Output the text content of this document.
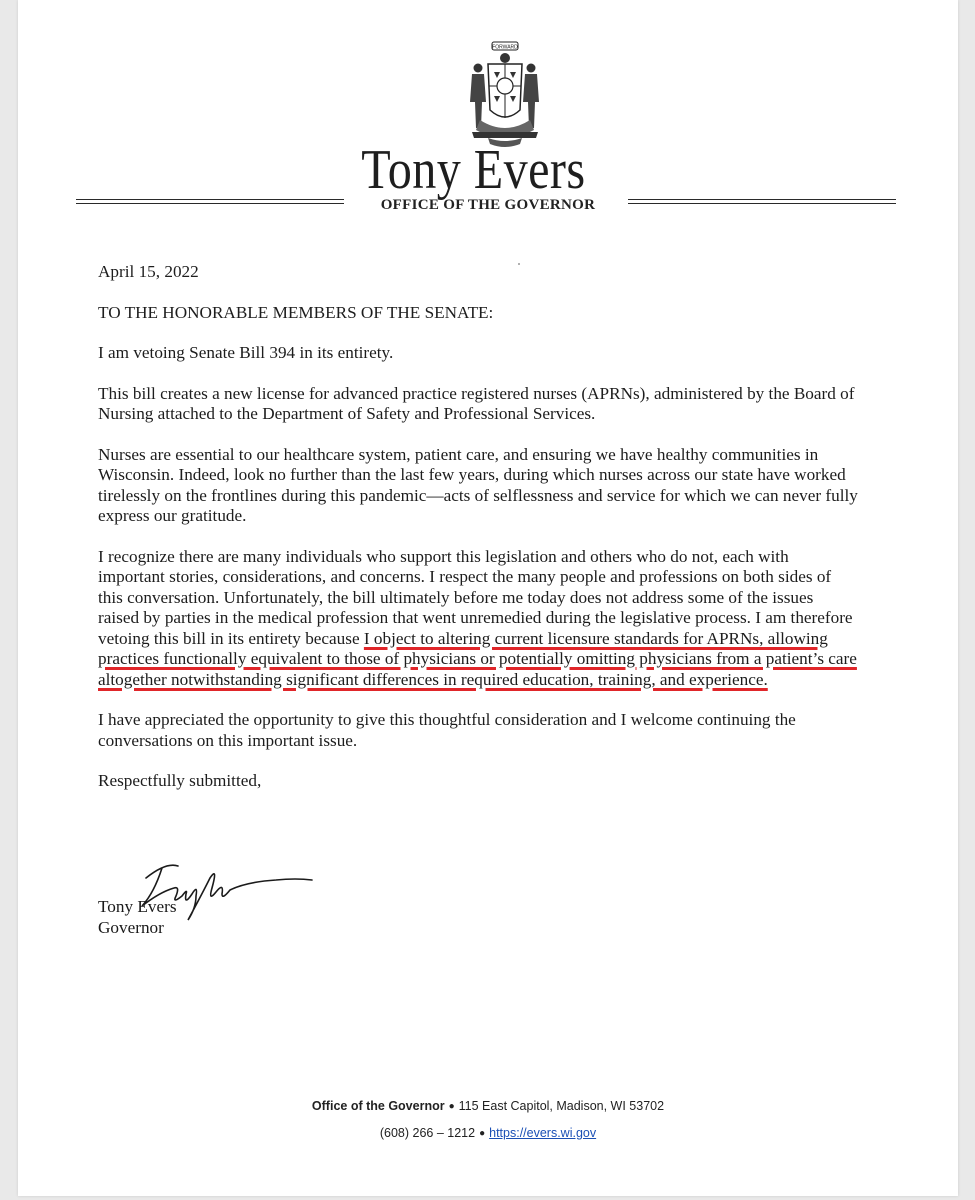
FORWARD
Tony Evers
OFFICE OF THE GOVERNOR

April 15, 2022

TO THE HONORABLE MEMBERS OF THE SENATE:

I am vetoing Senate Bill 394 in its entirety.

This bill creates a new license for advanced practice registered nurses (APRNs), administered by the Board of Nursing attached to the Department of Safety and Professional Services.

Nurses are essential to our healthcare system, patient care, and ensuring we have healthy communities in Wisconsin. Indeed, look no further than the last few years, during which nurses across our state have worked tirelessly on the frontlines during this pandemic—acts of selflessness and service for which we can never fully express our gratitude.

I recognize there are many individuals who support this legislation and others who do not, each with important stories, considerations, and concerns. I respect the many people and professions on both sides of this conversation. Unfortunately, the bill ultimately before me today does not address some of the issues raised by parties in the medical profession that went unremedied during the legislative process. I am therefore vetoing this bill in its entirety because I object to altering current licensure standards for APRNs, allowing practices functionally equivalent to those of physicians or potentially omitting physicians from a patient’s care altogether notwithstanding significant differences in required education, training, and experience.

I have appreciated the opportunity to give this thoughtful consideration and I welcome continuing the conversations on this important issue.

Respectfully submitted,

Tony Evers
Governor
Office of the Governor ● 115 East Capitol, Madison, WI 53702
(608) 266 – 1212 ● https://evers.wi.gov
